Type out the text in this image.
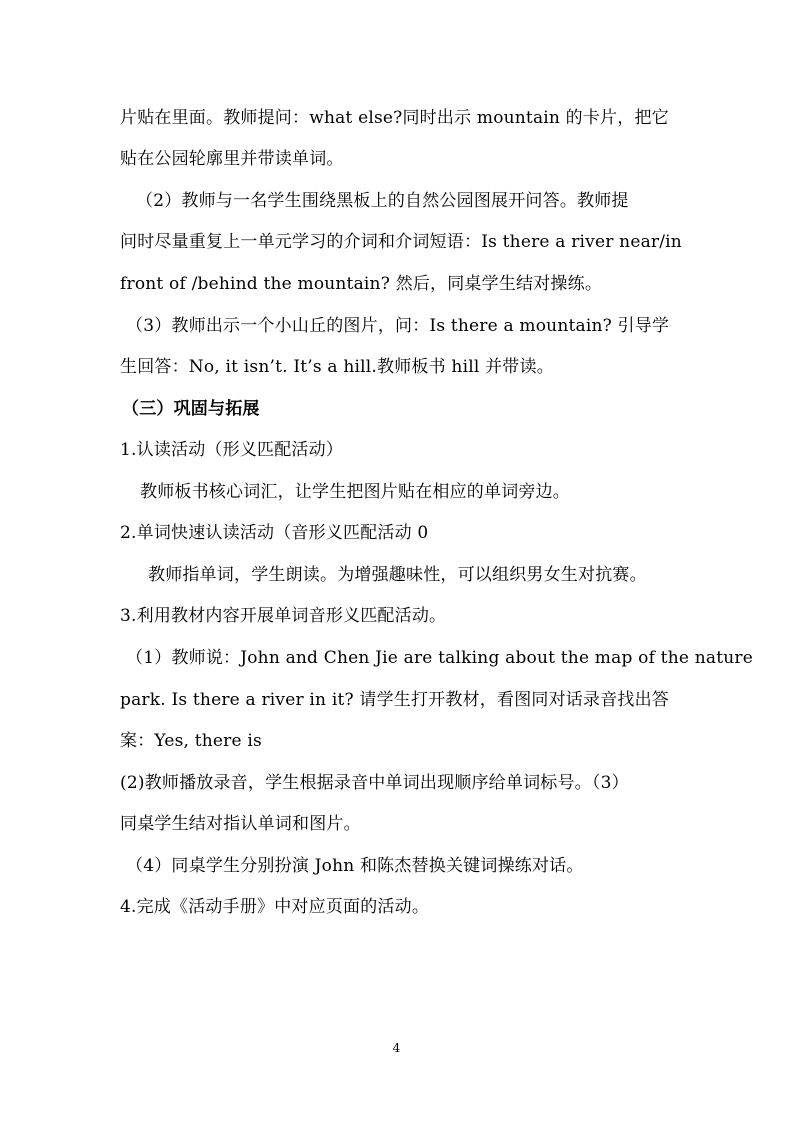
片贴在里面。教师提问：what else?同时出示 mountain 的卡片，把它
贴在公园轮廓里并带读单词。
（2）教师与一名学生围绕黑板上的自然公园图展开问答。教师提
问时尽量重复上一单元学习的介词和介词短语：Is there a river near/in
front of /behind the mountain? 然后，同桌学生结对操练。
（3）教师出示一个小山丘的图片，问：Is there a mountain? 引导学
生回答：No, it isn’t. It’s a hill.教师板书 hill 并带读。
（三）巩固与拓展
1.认读活动（形义匹配活动）
教师板书核心词汇，让学生把图片贴在相应的单词旁边。
2.单词快速认读活动（音形义匹配活动 0
教师指单词，学生朗读。为增强趣味性，可以组织男女生对抗赛。
3.利用教材内容开展单词音形义匹配活动。
（1）教师说：John and Chen Jie are talking about the map of the nature
park. Is there a river in it? 请学生打开教材，看图同对话录音找出答
案：Yes, there is
(2)教师播放录音，学生根据录音中单词出现顺序给单词标号。（3）
同桌学生结对指认单词和图片。
（4）同桌学生分别扮演 John 和陈杰替换关键词操练对话。
4.完成《活动手册》中对应页面的活动。
4
